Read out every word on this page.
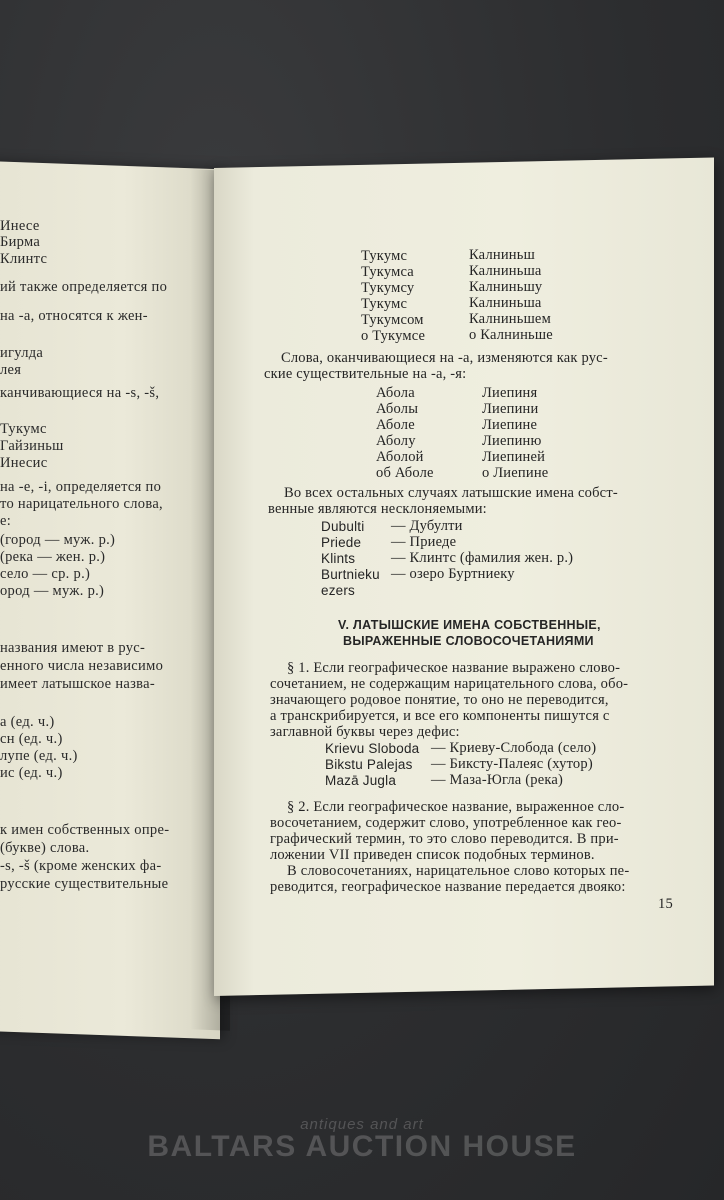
Инесе
Бирма
Клинтс
ий также определяется по
на -а, относятся к жен-
игулда
лея
канчивающиеся на -s, -š,
Тукумс
Гайзиньш
Инесис
на -e, -i, определяется по
то нарицательного слова,
е:
(город — муж. р.)
(река — жен. р.)
село — ср. р.)
ород — муж. р.)
названия имеют в рус-
енного числа независимо
имеет латышское назва-
а (ед. ч.)
сн (ед. ч.)
лупе (ед. ч.)
ис (ед. ч.)
к имен собственных опре-
(букве) слова.
-s, -š (кроме женских фа-
русские существительные
Тукумс	Калниньш
Тукумса	Калниньша
Тукумсу	Калниньшу
Тукумс	Калниньша
Тукумсом	Калниньшем
о Тукумсе	о Калниньше
Слова, оканчивающиеся на -а, изменяются как рус-
ские существительные на -а, -я:
Абола	Лиепиня
Аболы	Лиепини
Аболе	Лиепине
Аболу	Лиепиню
Аболой	Лиепиней
об Аболе	о Лиепине
Во всех остальных случаях латышские имена собст-
венные являются несклоняемыми:
Dubulti — Дубулти
Priede — Приеде
Klints — Клинтс (фамилия жен. р.)
Burtnieku — озеро Буртниеку
ezers
V. ЛАТЫШСКИЕ ИМЕНА СОБСТВЕННЫЕ,
ВЫРАЖЕННЫЕ СЛОВОСОЧЕТАНИЯМИ
§ 1. Если географическое название выражено слово-
сочетанием, не содержащим нарицательного слова, обо-
значающего родовое понятие, то оно не переводится,
а транскрибируется, и все его компоненты пишутся с
заглавной буквы через дефис:
Krievu Sloboda — Криеву-Слобода (село)
Bikstu Palejas — Биксту-Палеяс (хутор)
Mazā Jugla — Маза-Югла (река)
§ 2. Если географическое название, выраженное сло-
восочетанием, содержит слово, употребленное как гео-
графический термин, то это слово переводится. В при-
ложении VII приведен список подобных терминов.
В словосочетаниях, нарицательное слово которых пе-
реводится, географическое название передается двояко:
15
antiques and art
BALTARS AUCTION HOUSE
